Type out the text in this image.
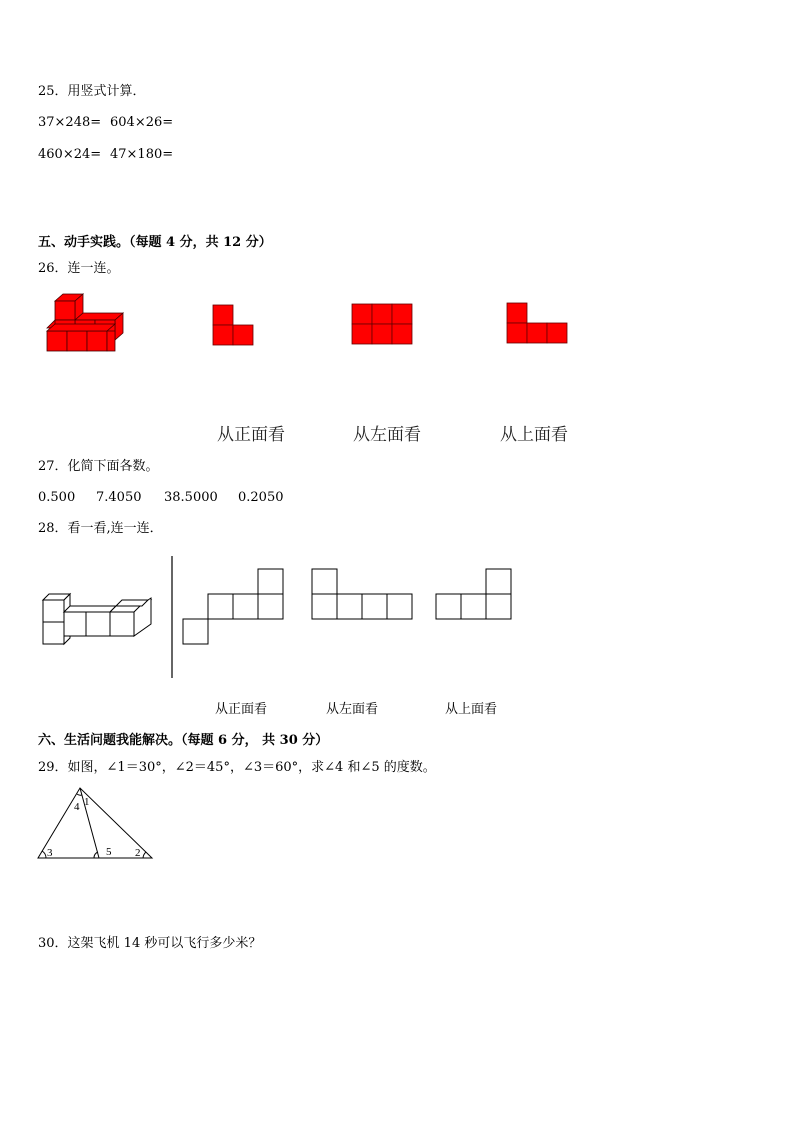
25．用竖式计算．
37×248= 604×26=
460×24= 47×180=
五、动手实践。（每题 4 分，共 12 分）
26．连一连。
从正面看	从左面看	从上面看
27．化简下面各数。
0.500 7.4050 38.5000 0.2050
28．看一看,连一连．
从正面看	从左面看	从上面看
六、生活问题我能解决。（每题 6 分， 共 30 分）
29．如图，∠1＝30°，∠2＝45°，∠3＝60°，求∠4 和∠5 的度数。
1
2
3
4
5
30．这架飞机 14 秒可以飞行多少米？
